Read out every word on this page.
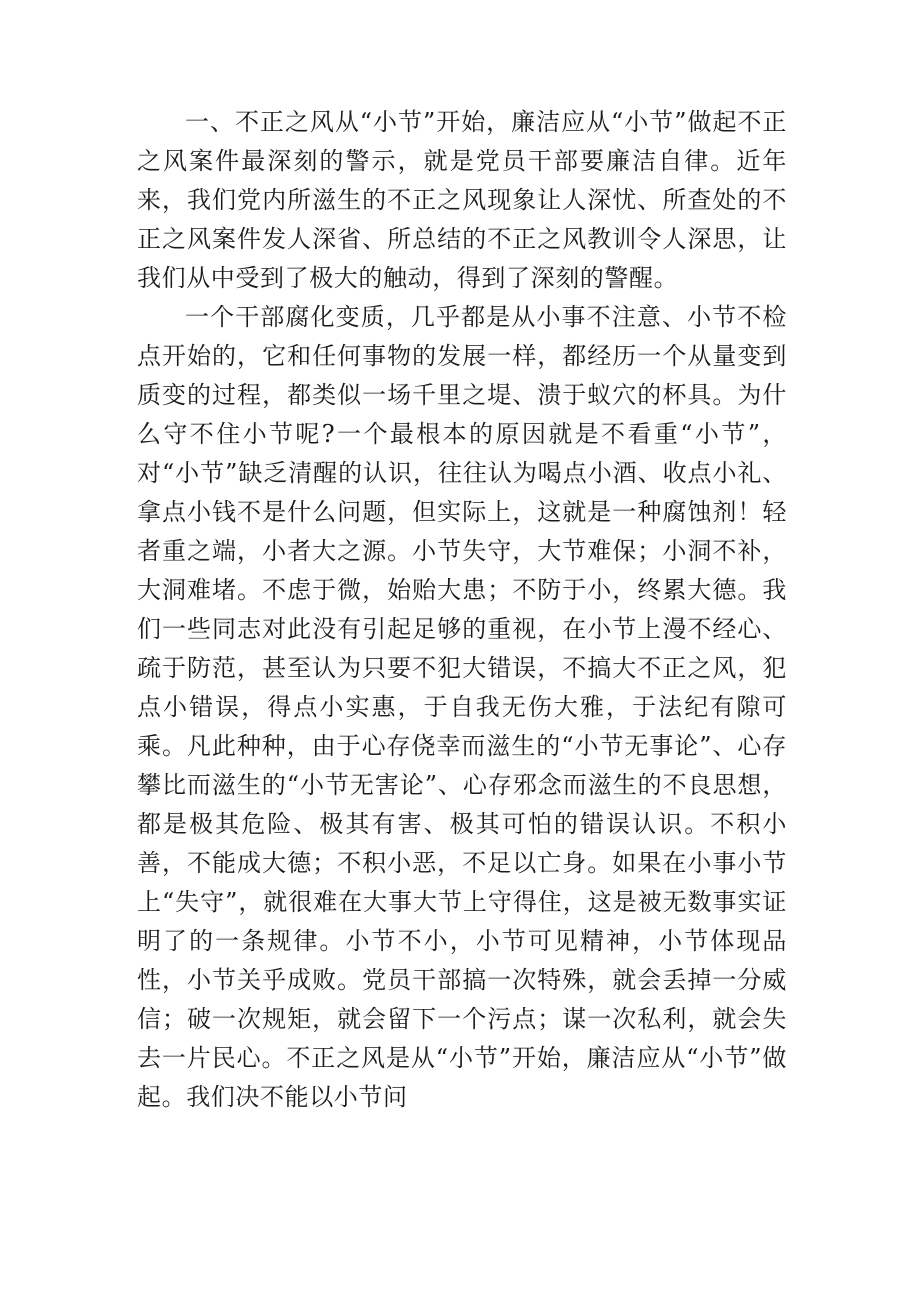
一、不正之风从“小节”开始，廉洁应从“小节”做起不正之风案件最深刻的警示，就是党员干部要廉洁自律。近年来，我们党内所滋生的不正之风现象让人深忧、所查处的不正之风案件发人深省、所总结的不正之风教训令人深思，让我们从中受到了极大的触动，得到了深刻的警醒。

一个干部腐化变质，几乎都是从小事不注意、小节不检点开始的，它和任何事物的发展一样，都经历一个从量变到质变的过程，都类似一场千里之堤、溃于蚁穴的杯具。为什么守不住小节呢?一个最根本的原因就是不看重“小节”，对“小节”缺乏清醒的认识，往往认为喝点小酒、收点小礼、拿点小钱不是什么问题，但实际上，这就是一种腐蚀剂！轻者重之端，小者大之源。小节失守，大节难保；小洞不补，大洞难堵。不虑于微，始贻大患；不防于小，终累大德。我们一些同志对此没有引起足够的重视，在小节上漫不经心、疏于防范，甚至认为只要不犯大错误，不搞大不正之风，犯点小错误，得点小实惠，于自我无伤大雅，于法纪有隙可乘。凡此种种，由于心存侥幸而滋生的“小节无事论”、心存攀比而滋生的“小节无害论”、心存邪念而滋生的不良思想，都是极其危险、极其有害、极其可怕的错误认识。不积小善，不能成大德；不积小恶，不足以亡身。如果在小事小节上“失守”，就很难在大事大节上守得住，这是被无数事实证明了的一条规律。小节不小，小节可见精神，小节体现品性，小节关乎成败。党员干部搞一次特殊，就会丢掉一分威信；破一次规矩，就会留下一个污点；谋一次私利，就会失去一片民心。不正之风是从“小节”开始，廉洁应从“小节”做起。我们决不能以小节问
